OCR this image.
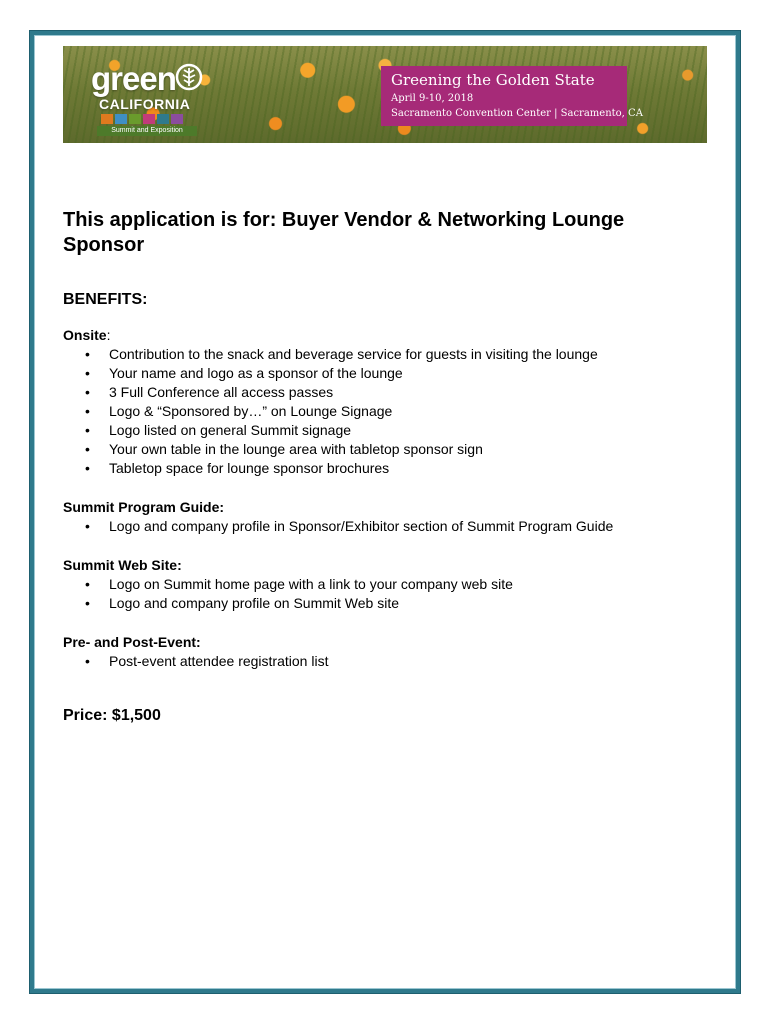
green
CALIFORNIA
Summit and Exposition
Greening the Golden State
April 9-10, 2018
Sacramento Convention Center | Sacramento, CA
This application is for: Buyer Vendor & Networking Lounge Sponsor
BENEFITS:

Onsite:

• Contribution to the snack and beverage service for guests in visiting the lounge
• Your name and logo as a sponsor of the lounge
• 3 Full Conference all access passes
• Logo & “Sponsored by…” on Lounge Signage
• Logo listed on general Summit signage
• Your own table in the lounge area with tabletop sponsor sign
• Tabletop space for lounge sponsor brochures

Summit Program Guide:

• Logo and company profile in Sponsor/Exhibitor section of Summit Program Guide

Summit Web Site:

• Logo on Summit home page with a link to your company web site
• Logo and company profile on Summit Web site

Pre- and Post-Event:

• Post-event attendee registration list
Price: $1,500
